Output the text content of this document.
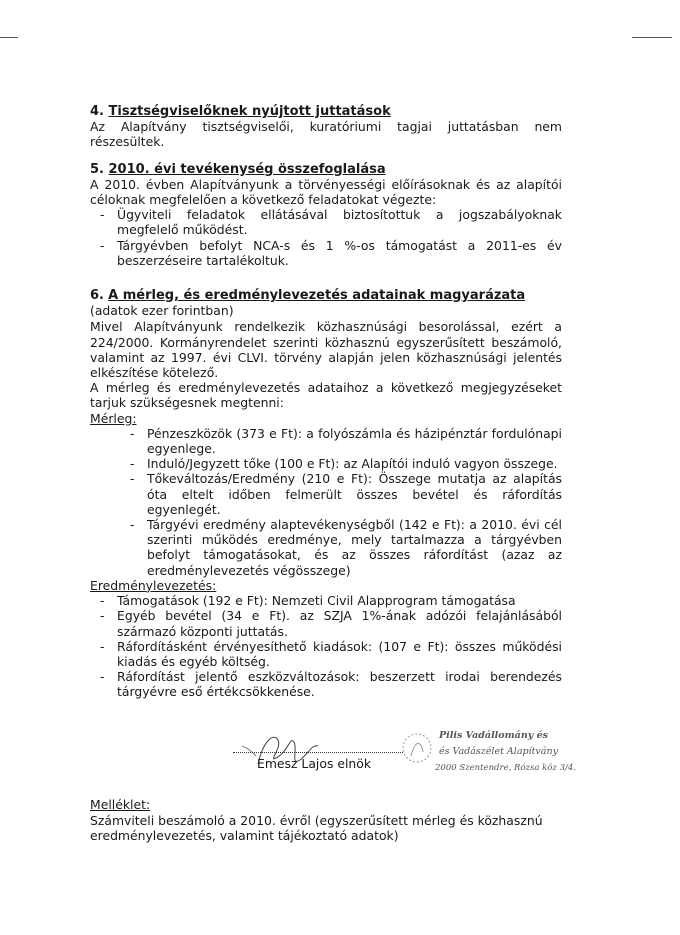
4. Tisztségviselőknek nyújtott juttatások

Az Alapítvány tisztségviselői, kuratóriumi tagjai juttatásban nem részesültek.

5. 2010. évi tevékenység összefoglalása

A 2010. évben Alapítványunk a törvényességi előírásoknak és az alapítói céloknak megfelelően a következő feladatokat végezte:

- Ügyviteli feladatok ellátásával biztosítottuk a jogszabályoknak megfelelő működést.
- Tárgyévben befolyt NCA-s és 1 %-os támogatást a 2011-es év beszerzéseire tartalékoltuk.
6. A mérleg, és eredménylevezetés adatainak magyarázata (adatok ezer forintban)

Mivel Alapítványunk rendelkezik közhasznúsági besorolással, ezért a 224/2000. Kormányrendelet szerinti közhasznú egyszerűsített beszámoló, valamint az 1997. évi CLVI. törvény alapján jelen közhasznúsági jelentés elkészítése kötelező.

A mérleg és eredménylevezetés adataihoz a következő megjegyzéseket tarjuk szükségesnek megtenni:

Mérleg:
- Pénzeszközök (373 e Ft): a folyószámla és házipénztár fordulónapi egyenlege.
- Induló/Jegyzett tőke (100 e Ft): az Alapítói induló vagyon összege.
- Tőkeváltozás/Eredmény (210 e Ft): Összege mutatja az alapítás óta eltelt időben felmerült összes bevétel és ráfordítás egyenlegét.
- Tárgyévi eredmény alaptevékenységből (142 e Ft): a 2010. évi cél szerinti működés eredménye, mely tartalmazza a tárgyévben befolyt támogatásokat, és az összes ráfordítást (azaz az eredménylevezetés végösszege)
Eredménylevezetés:
- Támogatások (192 e Ft): Nemzeti Civil Alapprogram támogatása
- Egyéb bevétel (34 e Ft). az SZJA 1%-ának adózói felajánlásából származó központi juttatás.
- Ráfordításként érvényesíthető kiadások: (107 e Ft): összes működési kiadás és egyéb költség.
- Ráfordítást jelentő eszközváltozások: beszerzett irodai berendezés tárgyévre eső értékcsökkenése.
Emesz Lajos elnök
Pilis Vadállomány és
és Vadászélet Alapítvány
2000 Szentendre, Rózsa köz 3/4.
Melléklet:
Számviteli beszámoló a 2010. évről (egyszerűsített mérleg és közhasznú eredménylevezetés, valamint tájékoztató adatok)
